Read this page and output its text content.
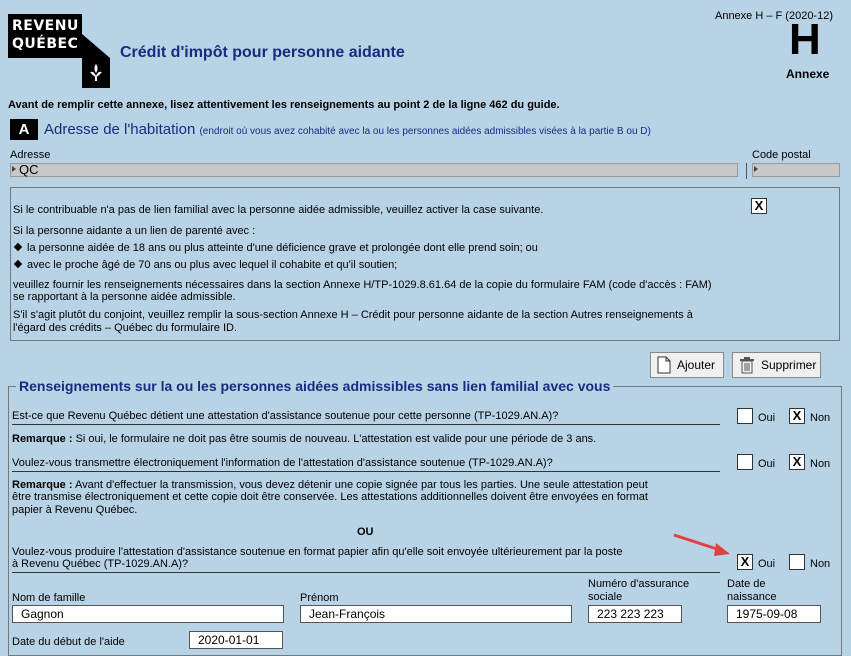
REVENU
QUÉBEC	Crédit d'impôt pour personne aidante
Annexe H – F (2020-12)
H
Annexe
Avant de remplir cette annexe, lisez attentivement les renseignements au point 2 de la ligne 462 du guide.
A Adresse de l'habitation (endroit où vous avez cohabité avec la ou les personnes aidées admissibles visées à la partie B ou D)
Adresse
QC
Code postal
Si le contribuable n'a pas de lien familial avec la personne aidée admissible, veuillez activer la case suivante.	X
Si la personne aidante a un lien de parenté avec :
la personne aidée de 18 ans ou plus atteinte d'une déficience grave et prolongée dont elle prend soin; ou
avec le proche âgé de 70 ans ou plus avec lequel il cohabite et qu'il soutien;
veuillez fournir les renseignements nécessaires dans la section Annexe H/TP-1029.8.61.64 de la copie du formulaire FAM (code d'accès : FAM)
se rapportant à la personne aidée admissible.
S'il s'agit plutôt du conjoint, veuillez remplir la sous-section Annexe H – Crédit pour personne aidante de la section Autres renseignements à
l'égard des crédits – Québec du formulaire ID.
Ajouter	Supprimer
Renseignements sur la ou les personnes aidées admissibles sans lien familial avec vous
Est-ce que Revenu Québec détient une attestation d'assistance soutenue pour cette personne (TP-1029.AN.A)?	Oui X Non
Remarque : Si oui, le formulaire ne doit pas être soumis de nouveau. L'attestation est valide pour une période de 3 ans.
Voulez-vous transmettre électroniquement l'information de l'attestation d'assistance soutenue (TP-1029.AN.A)?	Oui X Non
Remarque : Avant d'effectuer la transmission, vous devez détenir une copie signée par tous les parties. Une seule attestation peut
être transmise électroniquement et cette copie doit être conservée. Les attestations additionnelles doivent être envoyées en format
papier à Revenu Québec.
OU
Voulez-vous produire l'attestation d'assistance soutenue en format papier afin qu'elle soit envoyée ultérieurement par la poste
à Revenu Québec (TP-1029.AN.A)?	X Oui	Non
Nom de famille
Gagnon
Prénom
Jean-François
Numéro d'assurance
sociale
223 223 223
Date de
naissance
1975-09-08
Date du début de l'aide	2020-01-01
